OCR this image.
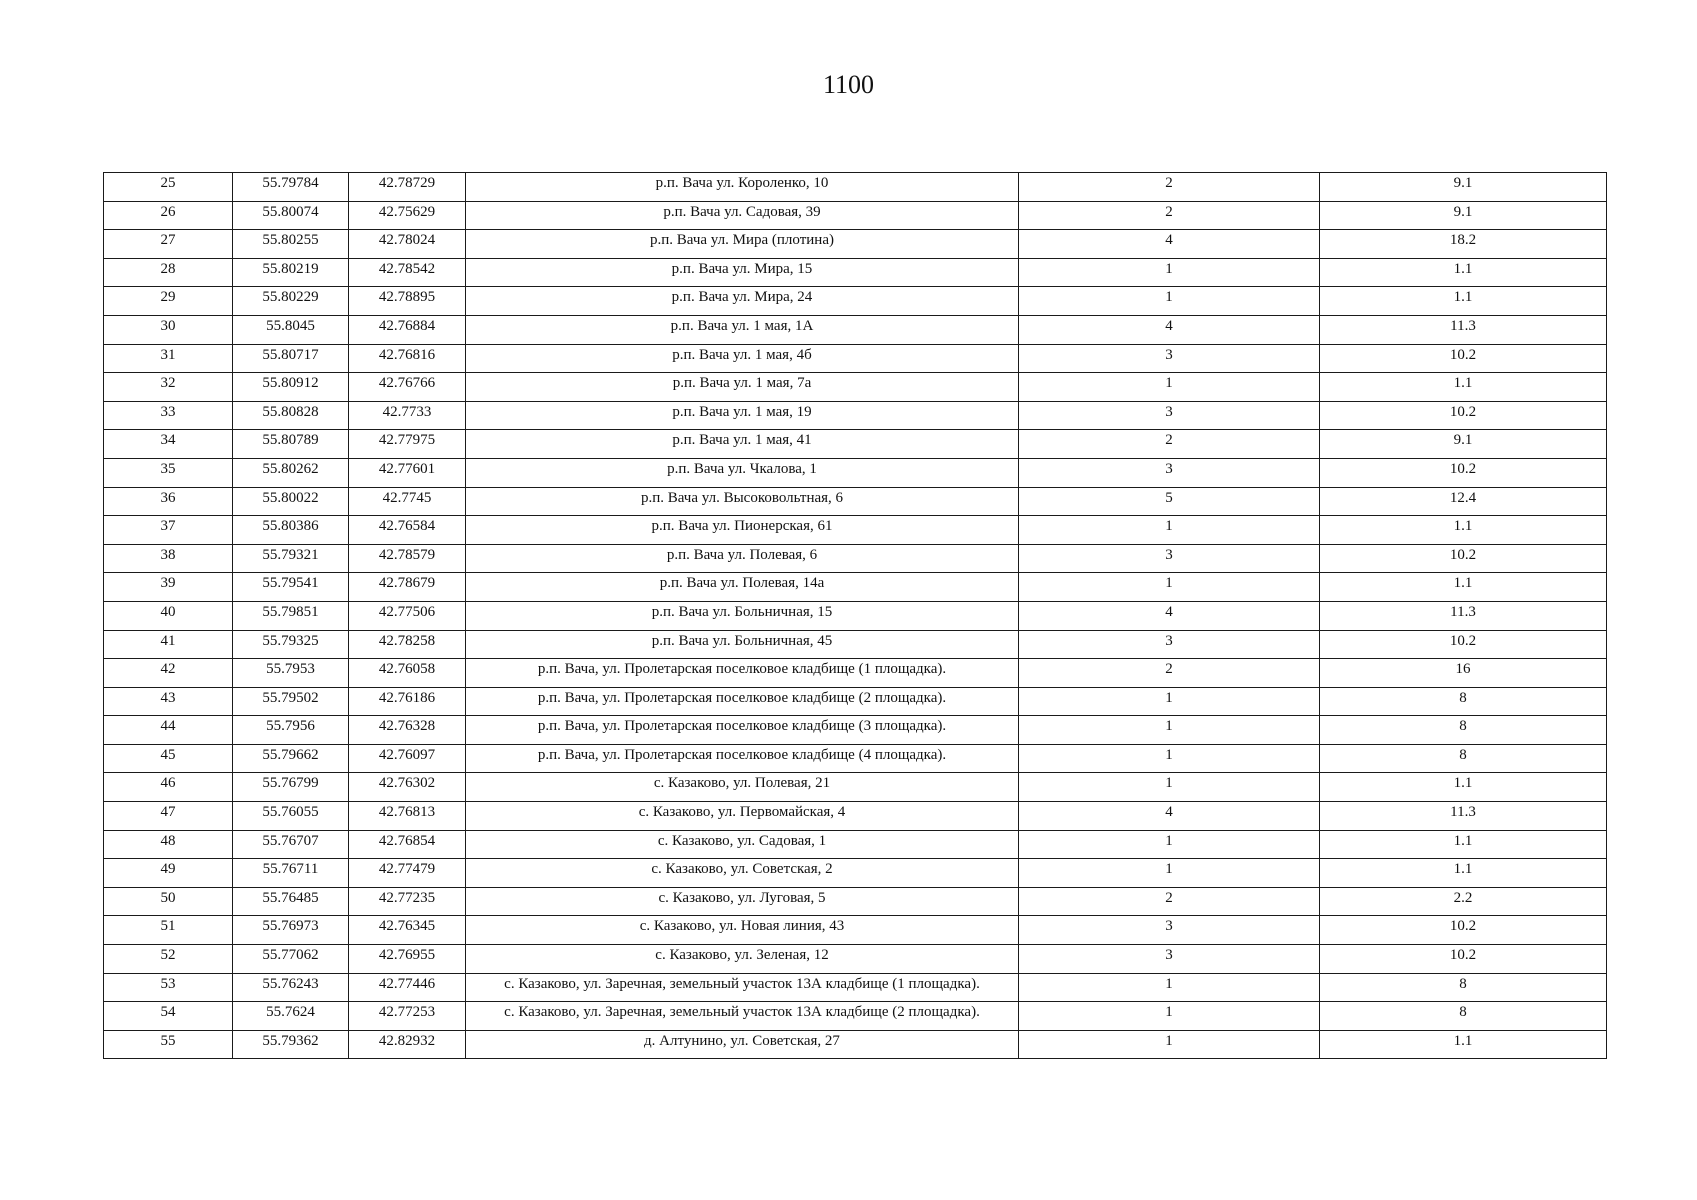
1100
25	55.79784	42.78729	р.п. Вача ул. Короленко, 10	2	9.1
26	55.80074	42.75629	р.п. Вача ул. Садовая, 39	2	9.1
27	55.80255	42.78024	р.п. Вача ул. Мира (плотина)	4	18.2
28	55.80219	42.78542	р.п. Вача ул. Мира, 15	1	1.1
29	55.80229	42.78895	р.п. Вача ул. Мира, 24	1	1.1
30	55.8045	42.76884	р.п. Вача ул. 1 мая, 1А	4	11.3
31	55.80717	42.76816	р.п. Вача ул. 1 мая, 4б	3	10.2
32	55.80912	42.76766	р.п. Вача ул. 1 мая, 7а	1	1.1
33	55.80828	42.7733	р.п. Вача ул. 1 мая, 19	3	10.2
34	55.80789	42.77975	р.п. Вача ул. 1 мая, 41	2	9.1
35	55.80262	42.77601	р.п. Вача ул. Чкалова, 1	3	10.2
36	55.80022	42.7745	р.п. Вача ул. Высоковольтная, 6	5	12.4
37	55.80386	42.76584	р.п. Вача ул. Пионерская, 61	1	1.1
38	55.79321	42.78579	р.п. Вача ул. Полевая, 6	3	10.2
39	55.79541	42.78679	р.п. Вача ул. Полевая, 14а	1	1.1
40	55.79851	42.77506	р.п. Вача ул. Больничная, 15	4	11.3
41	55.79325	42.78258	р.п. Вача ул. Больничная, 45	3	10.2
42	55.7953	42.76058	р.п. Вача, ул. Пролетарская поселковое кладбище (1 площадка).	2	16
43	55.79502	42.76186	р.п. Вача, ул. Пролетарская поселковое кладбище (2 площадка).	1	8
44	55.7956	42.76328	р.п. Вача, ул. Пролетарская поселковое кладбище (3 площадка).	1	8
45	55.79662	42.76097	р.п. Вача, ул. Пролетарская поселковое кладбище (4 площадка).	1	8
46	55.76799	42.76302	с. Казаково, ул. Полевая, 21	1	1.1
47	55.76055	42.76813	с. Казаково, ул. Первомайская, 4	4	11.3
48	55.76707	42.76854	с. Казаково, ул. Садовая, 1	1	1.1
49	55.76711	42.77479	с. Казаково, ул. Советская, 2	1	1.1
50	55.76485	42.77235	с. Казаково, ул. Луговая, 5	2	2.2
51	55.76973	42.76345	с. Казаково, ул. Новая линия, 43	3	10.2
52	55.77062	42.76955	с. Казаково, ул. Зеленая, 12	3	10.2
53	55.76243	42.77446	с. Казаково, ул. Заречная, земельный участок 13А кладбище (1 площадка).	1	8
54	55.7624	42.77253	с. Казаково, ул. Заречная, земельный участок 13А кладбище (2 площадка).	1	8
55	55.79362	42.82932	д. Алтунино, ул. Советская, 27	1	1.1
